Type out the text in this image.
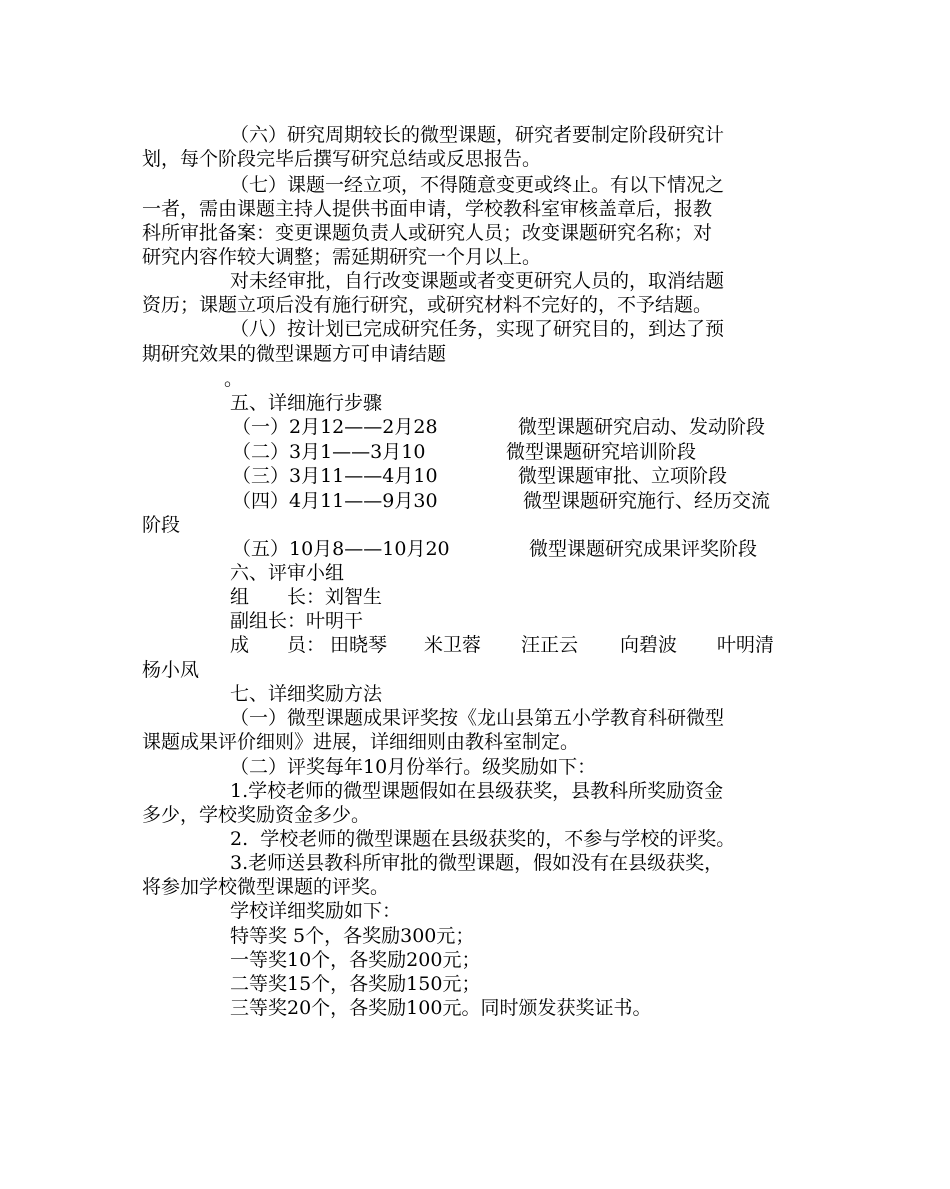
（六）研究周期较长的微型课题，研究者要制定阶段研究计
划，每个阶段完毕后撰写研究总结或反思报告。
（七）课题一经立项，不得随意变更或终止。有以下情况之
一者，需由课题主持人提供书面申请，学校教科室审核盖章后，报教
科所审批备案：变更课题负责人或研究人员；改变课题研究名称；对
研究内容作较大调整；需延期研究一个月以上。
对未经审批，自行改变课题或者变更研究人员的，取消结题
资历；课题立项后没有施行研究，或研究材料不完好的，不予结题。
（八）按计划已完成研究任务，实现了研究目的，到达了预
期研究效果的微型课题方可申请结题
。
五、详细施行步骤
（一）2月12——2月28	微型课题研究启动、发动阶段
（二）3月1——3月10	微型课题研究培训阶段
（三）3月11——4月10	微型课题审批、立项阶段
（四）4月11——9月30	微型课题研究施行、经历交流
阶段
（五）10月8——10月20	微型课题研究成果评奖阶段
六、评审小组
组　　长：刘智生
副组长：叶明干
成　　员： 田晓琴 米卫蓉 汪正云 向碧波 叶明清
杨小凤
七、详细奖励方法
（一）微型课题成果评奖按《龙山县第五小学教育科研微型
课题成果评价细则》进展，详细细则由教科室制定。
（二）评奖每年10月份举行。级奖励如下：
1.学校老师的微型课题假如在县级获奖，县教科所奖励资金
多少，学校奖励资金多少。
2.  学校老师的微型课题在县级获奖的，不参与学校的评奖。
3.老师送县教科所审批的微型课题，假如没有在县级获奖，
将参加学校微型课题的评奖。
学校详细奖励如下：
特等奖 5个，各奖励300元；
一等奖10个，各奖励200元；
二等奖15个，各奖励150元；
三等奖20个，各奖励100元。同时颁发获奖证书。
